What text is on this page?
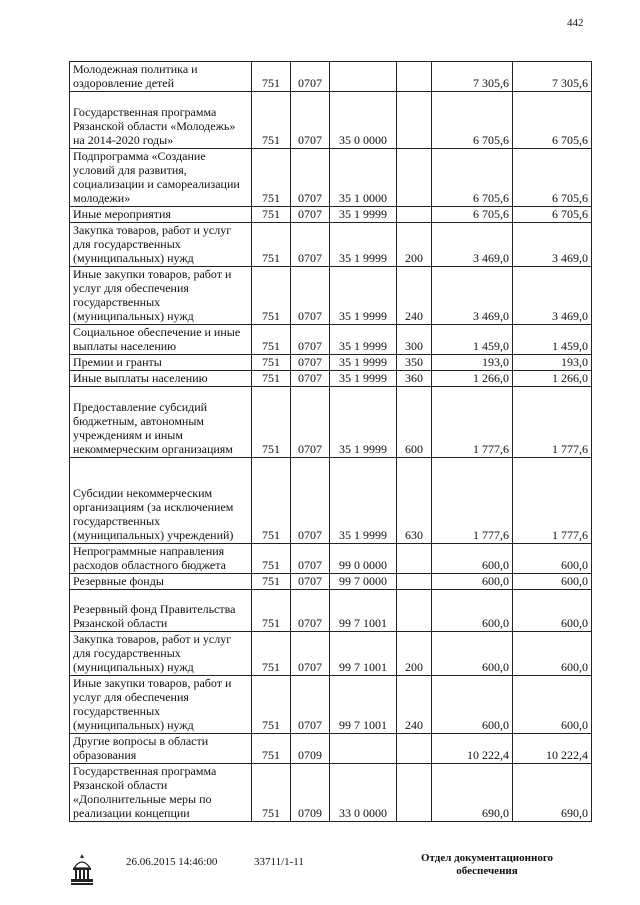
442
Молодежная политика и оздоровление детей	751	0707			7 305,6	7 305,6
Государственная программа Рязанской области «Молодежь» на 2014-2020 годы»	751	0707	35 0 0000		6 705,6	6 705,6
Подпрограмма «Создание условий для развития, социализации и самореализации молодежи»	751	0707	35 1 0000		6 705,6	6 705,6
Иные мероприятия	751	0707	35 1 9999		6 705,6	6 705,6
Закупка товаров, работ и услуг для государственных (муниципальных) нужд	751	0707	35 1 9999	200	3 469,0	3 469,0
Иные закупки товаров, работ и услуг для обеспечения государственных (муниципальных) нужд	751	0707	35 1 9999	240	3 469,0	3 469,0
Социальное обеспечение и иные выплаты населению	751	0707	35 1 9999	300	1 459,0	1 459,0
Премии и гранты	751	0707	35 1 9999	350	193,0	193,0
Иные выплаты населению	751	0707	35 1 9999	360	1 266,0	1 266,0
Предоставление субсидий бюджетным, автономным учреждениям и иным некоммерческим организациям	751	0707	35 1 9999	600	1 777,6	1 777,6
Субсидии некоммерческим организациям (за исключением государственных (муниципальных) учреждений)	751	0707	35 1 9999	630	1 777,6	1 777,6
Непрограммные направления расходов областного бюджета	751	0707	99 0 0000		600,0	600,0
Резервные фонды	751	0707	99 7 0000		600,0	600,0
Резервный фонд Правительства Рязанской области	751	0707	99 7 1001		600,0	600,0
Закупка товаров, работ и услуг для государственных (муниципальных) нужд	751	0707	99 7 1001	200	600,0	600,0
Иные закупки товаров, работ и услуг для обеспечения государственных (муниципальных) нужд	751	0707	99 7 1001	240	600,0	600,0
Другие вопросы в области образования	751	0709			10 222,4	10 222,4
Государственная программа Рязанской области «Дополнительные меры по реализации концепции	751	0709	33 0 0000		690,0	690,0
26.06.2015 14:46:00	33711/1-11	Отдел документационного
обеспечения
